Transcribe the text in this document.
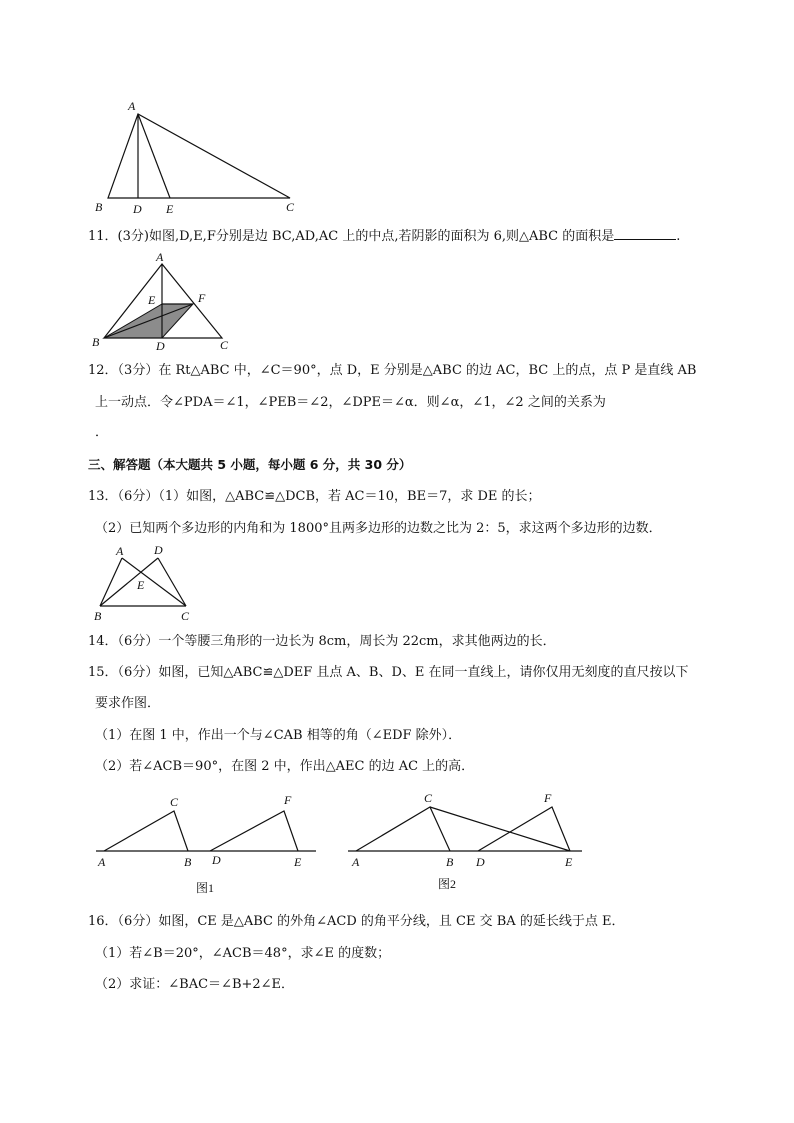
A
B	D E	C
11．(3分)如图,D,E,F分别是边 BC,AD,AC 上的中点,若阴影的面积为 6,则△ABC 的面积是	.
A
E	F
B	D	C
12．（3分）在 Rt△ABC 中，∠C＝90°，点 D，E 分别是△ABC 的边 AC，BC 上的点，点 P 是直线 AB
上一动点．令∠PDA＝∠1，∠PEB＝∠2，∠DPE＝∠α．则∠α，∠1，∠2 之间的关系为
．
三、解答题（本大题共 5 小题，每小题 6 分，共 30 分）
13．（6分）（1）如图，△ABC≌△DCB，若 AC＝10，BE＝7，求 DE 的长；
（2）已知两个多边形的内角和为 1800°且两多边形的边数之比为 2：5，求这两个多边形的边数．
A	D
E
B	C
14．（6分）一个等腰三角形的一边长为 8cm，周长为 22cm，求其他两边的长．
15．（6分）如图，已知△ABC≌△DEF 且点 A、B、D、E 在同一直线上，请你仅用无刻度的直尺按以下
要求作图．
（1）在图 1 中，作出一个与∠CAB 相等的角（∠EDF 除外）．
（2）若∠ACB＝90°，在图 2 中，作出△AEC 的边 AC 上的高．
C	F
A	B D	E
图1
C	F
A	B D	E
图2
16．（6分）如图，CE 是△ABC 的外角∠ACD 的角平分线，且 CE 交 BA 的延长线于点 E．
（1）若∠B＝20°，∠ACB＝48°，求∠E 的度数；
（2）求证：∠BAC＝∠B+2∠E．
